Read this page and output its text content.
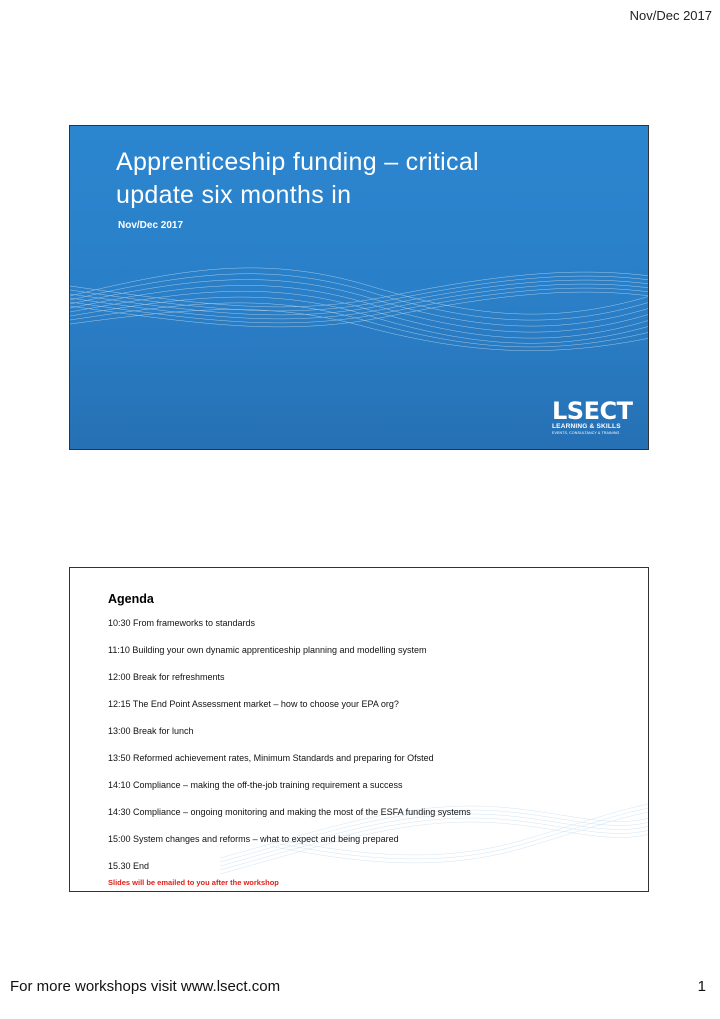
Nov/Dec 2017
Apprenticeship funding – critical
update six months in
Nov/Dec 2017
LSECT
LEARNING & SKILLS
EVENTS, CONSULTANCY & TRAINING
Agenda
10:30 From frameworks to standards
11:10 Building your own dynamic apprenticeship planning and modelling system
12:00 Break for refreshments
12:15 The End Point Assessment market – how to choose your EPA org?
13:00 Break for lunch
13:50 Reformed achievement rates, Minimum Standards and preparing for Ofsted
14:10 Compliance – making the off-the-job training requirement a success
14:30 Compliance – ongoing monitoring and making the most of the ESFA funding systems
15:00 System changes and reforms – what to expect and being prepared
15.30 End
Slides will be emailed to you after the workshop
For more workshops visit www.lsect.com	1
